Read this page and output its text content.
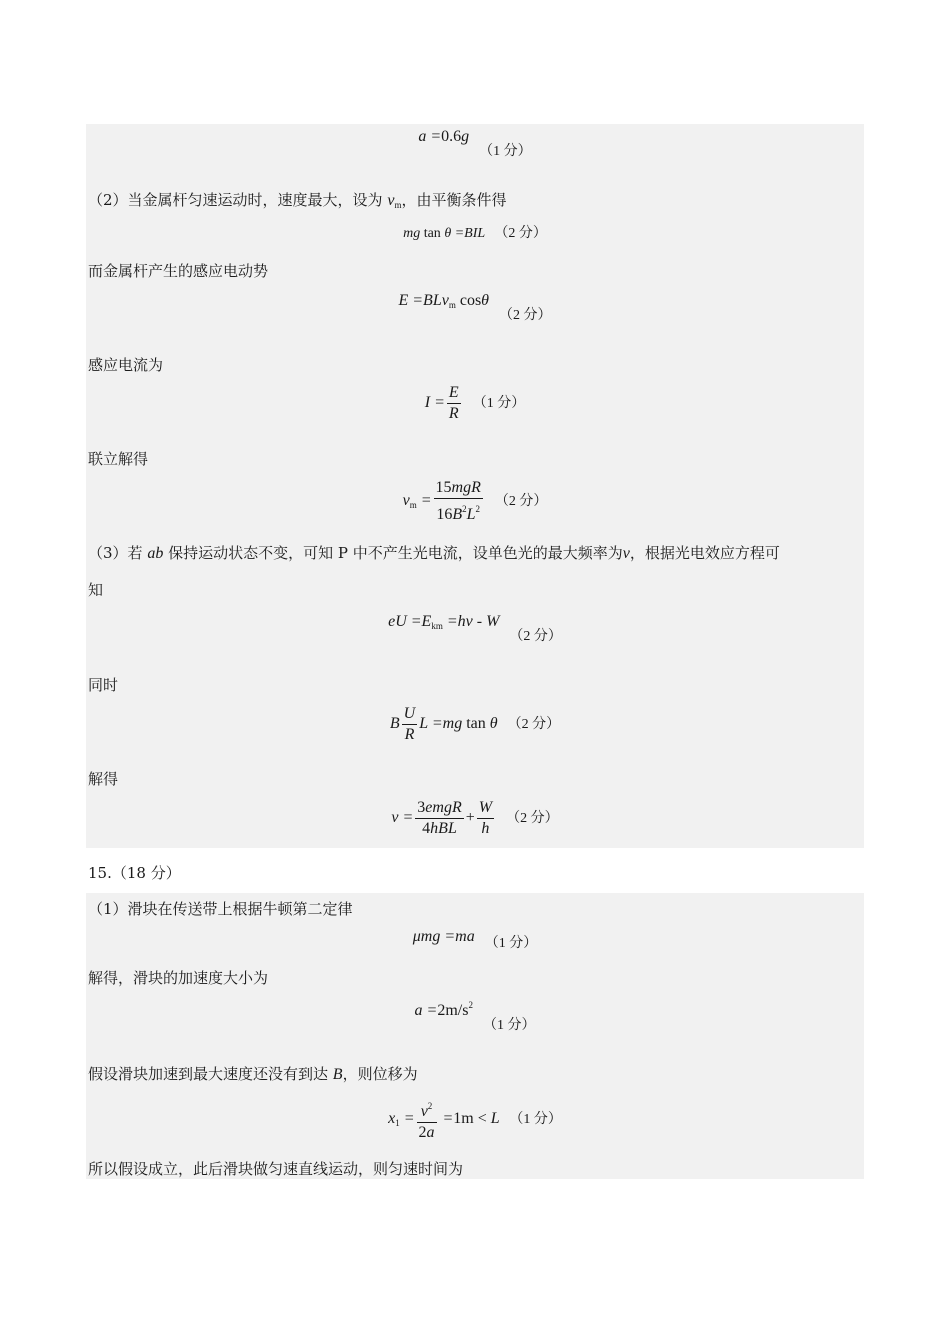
a =0.6g （1 分）
（2）当金属杆匀速运动时，速度最大，设为 $v_m$，由平衡条件得
mg tan θ =BIL （2 分）
而金属杆产生的感应电动势
E =BLv$_m$ cosθ （2 分）
感应电流为
$I = \frac{E}{R} (1$ 分）
联立解得
$v_m = \frac{\text{15mgR}}{16B^2L^2} (2$ 分）
（3）若 ab 保持运动状态不变，可知 P 中不产生光电流，设单色光的最大频率为ν，根据光电效应方程可
知
eU $=E_{km} =h\nu - W$ （2 分）
同时
B $\frac{U}{R}$ L =mg tan θ （2 分）
解得
$\nu = \frac{\text{3emgR}}{\text{4hBL}} + \frac{W}{h} (2$ 分）
15.（18 分）
（1）滑块在传送带上根据牛顿第二定律
μmg =ma （1 分）
解得，滑块的加速度大小为
$a =2m/s^2$ （1 分）
假设滑块加速到最大速度还没有到达 B，则位移为
$x_1 = \frac{v^2}{2a} =1m < L$ （1 分）
所以假设成立，此后滑块做匀速直线运动，则匀速时间为
